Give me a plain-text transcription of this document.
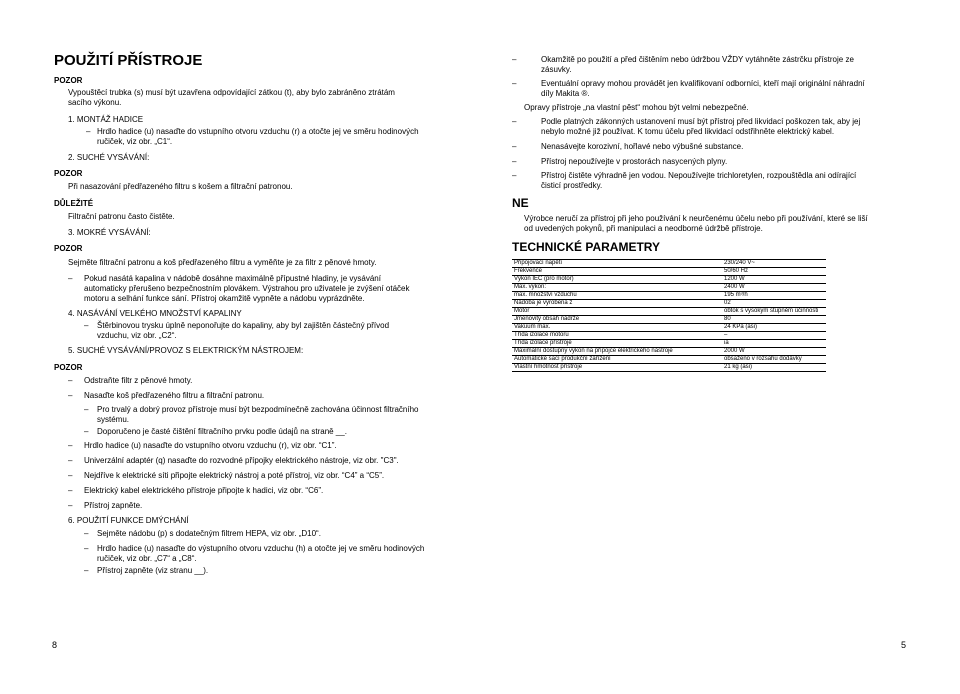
POUŽITÍ PŘÍSTROJE
POZOR
Vypouštěcí trubka (s) musí být uzavřena odpovídající zátkou (t), aby bylo zabráněno ztrátám
sacího výkonu.
1. MONTÁŽ HADICE
– Hrdlo hadice (u) nasaďte do vstupního otvoru vzduchu (r) a otočte jej ve směru hodinových
ručiček, viz obr. „C1“.
2. SUCHÉ VYSÁVÁNÍ:
POZOR
Při nasazování předřazeného filtru s košem a filtrační patronou.
DŮLEŽITÉ
Filtrační patronu často čistěte.
3. MOKRÉ VYSÁVÁNÍ:
POZOR
Sejměte filtrační patronu a koš předřazeného filtru a vyměňte je za filtr z pěnové hmoty.
– Pokud nasátá kapalina v nádobě dosáhne maximálně přípustné hladiny, je vysávání
automaticky přerušeno bezpečnostním plovákem. Výstrahou pro uživatele je zvýšení otáček
motoru a selhání funkce sání. Přístroj okamžitě vypněte a nádobu vyprázdněte.
4. NASÁVÁNÍ VELKÉHO MNOŽSTVÍ KAPALINY
– Štěrbinovou trysku úplně neponořujte do kapaliny, aby byl zajištěn částečný přívod
vzduchu, viz obr. „C2“.
5. SUCHÉ VYSÁVÁNÍ/PROVOZ S ELEKTRICKÝM NÁSTROJEM:
POZOR
– Odstraňte filtr z pěnové hmoty.
– Nasaďte koš předřazeného filtru a filtrační patronu.
– Pro trvalý a dobrý provoz přístroje musí být bezpodmínečně zachována účinnost filtračního
systému.
– Doporučeno je časté čištění filtračního prvku podle údajů na straně __.
– Hrdlo hadice (u) nasaďte do vstupního otvoru vzduchu (r), viz obr. “C1”.
– Univerzální adaptér (q) nasaďte do rozvodné přípojky elektrického nástroje, viz obr. "C3".
– Nejdříve k elektrické síti připojte elektrický nástroj a poté přístroj, viz obr. “C4” a “C5”.
– Elektrický kabel elektrického přístroje připojte k hadici, viz obr. “C6”.
– Přístroj zapněte.
6. POUŽITÍ FUNKCE DMÝCHÁNÍ
– Sejměte nádobu (p) s dodatečným filtrem HEPA, viz obr. „D10“.
– Hrdlo hadice (u) nasaďte do výstupního otvoru vzduchu (h) a otočte jej ve směru hodinových
ručiček, viz obr. „C7“ a „C8“.
– Přístroj zapněte (viz stranu __).
8
–	Okamžitě po použití a před čištěním nebo údržbou VŽDY vytáhněte zástrčku přístroje ze
zásuvky.
–	Eventuální opravy mohou provádět jen kvalifikovaní odborníci, kteří mají originální náhradní
díly Makita ®.
Opravy přístroje „na vlastní pěst“ mohou být velmi nebezpečné.
–	Podle platných zákonných ustanovení musí být přístroj před likvidací poškozen tak, aby jej
nebylo možné již používat. K tomu účelu před likvidací odstřihněte elektrický kabel.
–	Nenasávejte korozivní, hořlavé nebo výbušné substance.
–	Přístroj nepoužívejte v prostorách nasycených plyny.
–	Přístroj čistěte výhradně jen vodou. Nepoužívejte trichloretylen, rozpouštědla ani odírající
čisticí prostředky.
NE
Výrobce neručí za přístroj při jeho používání k neurčenému účelu nebo při používání, které se liší
od uvedených pokynů, při manipulaci a neodborné údržbě přístroje.
TECHNICKÉ PARAMETRY
Připojovací napětí	230/240 V~
Frekvence	50/60 Hz
Výkon IEC (pro motor)	1200 W
Max. výkon:	2400 W
max. množství vzduchu	195 m³/h
Nádoba je vyrobena z	02
Motor	obtok s vysokým stupněm účinnosti
Jmenovitý obsah nádrže	80
Vakuum max.	24 KPa (asi)
Třída izolace motoru	–
Třída izolace přístroje	ia
Maximální dostupný výkon na přípojce elektrického nástroje	2000 W
Automatické sací produkční zařízení	obsaženo v rozsahu dodávky
Vlastní hmotnost přístroje	21 kg (asi)
5
